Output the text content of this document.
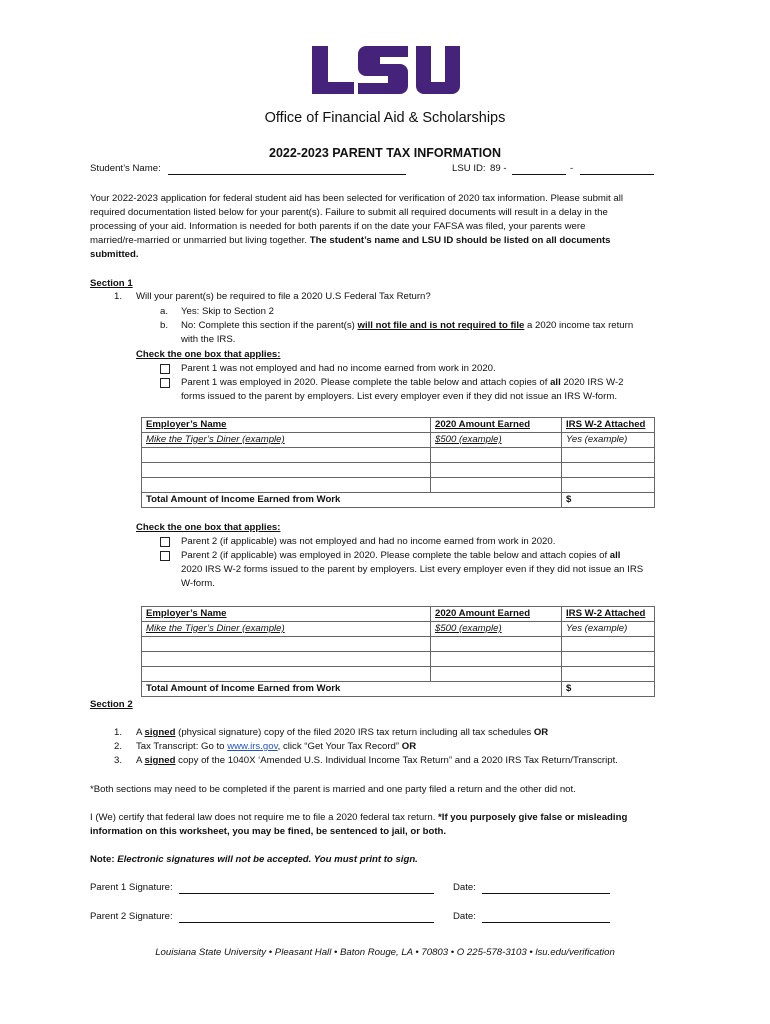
Office of Financial Aid & Scholarships
2022-2023 PARENT TAX INFORMATION
Student’s Name:	LSU ID: 89 -	-
Your 2022-2023 application for federal student aid has been selected for verification of 2020 tax information. Please submit all
required documentation listed below for your parent(s). Failure to submit all required documents will result in a delay in the
processing of your aid. Information is needed for both parents if on the date your FAFSA was filed, your parents were
married/re-married or unmarried but living together. The student’s name and LSU ID should be listed on all documents
submitted.
Section 1
1. Will your parent(s) be required to file a 2020 U.S Federal Tax Return?
a. Yes: Skip to Section 2
b. No: Complete this section if the parent(s) will not file and is not required to file a 2020 income tax return
with the IRS.
Check the one box that applies:
Parent 1 was not employed and had no income earned from work in 2020.
Parent 1 was employed in 2020. Please complete the table below and attach copies of all 2020 IRS W-2
forms issued to the parent by employers. List every employer even if they did not issue an IRS W-form.
Employer’s Name	2020 Amount Earned	IRS W-2 Attached
Mike the Tiger’s Diner (example)	$500 (example)	Yes (example)

Total Amount of Income Earned from Work		$
Check the one box that applies:
Parent 2 (if applicable) was not employed and had no income earned from work in 2020.
Parent 2 (if applicable) was employed in 2020. Please complete the table below and attach copies of all
2020 IRS W-2 forms issued to the parent by employers. List every employer even if they did not issue an IRS
W-form.
Employer’s Name	2020 Amount Earned	IRS W-2 Attached
Mike the Tiger’s Diner (example)	$500 (example)	Yes (example)

Total Amount of Income Earned from Work		$
Section 2
1. A signed (physical signature) copy of the filed 2020 IRS tax return including all tax schedules OR
2. Tax Transcript: Go to www.irs.gov, click “Get Your Tax Record” OR
3. A signed copy of the 1040X ‘Amended U.S. Individual Income Tax Return” and a 2020 IRS Tax Return/Transcript.
*Both sections may need to be completed if the parent is married and one party filed a return and the other did not.
I (We) certify that federal law does not require me to file a 2020 federal tax return. *If you purposely give false or misleading
information on this worksheet, you may be fined, be sentenced to jail, or both.
Note: Electronic signatures will not be accepted. You must print to sign.
Parent 1 Signature:	Date:
Parent 2 Signature:	Date:
Louisiana State University • Pleasant Hall • Baton Rouge, LA • 70803 • O 225-578-3103 • lsu.edu/verification
